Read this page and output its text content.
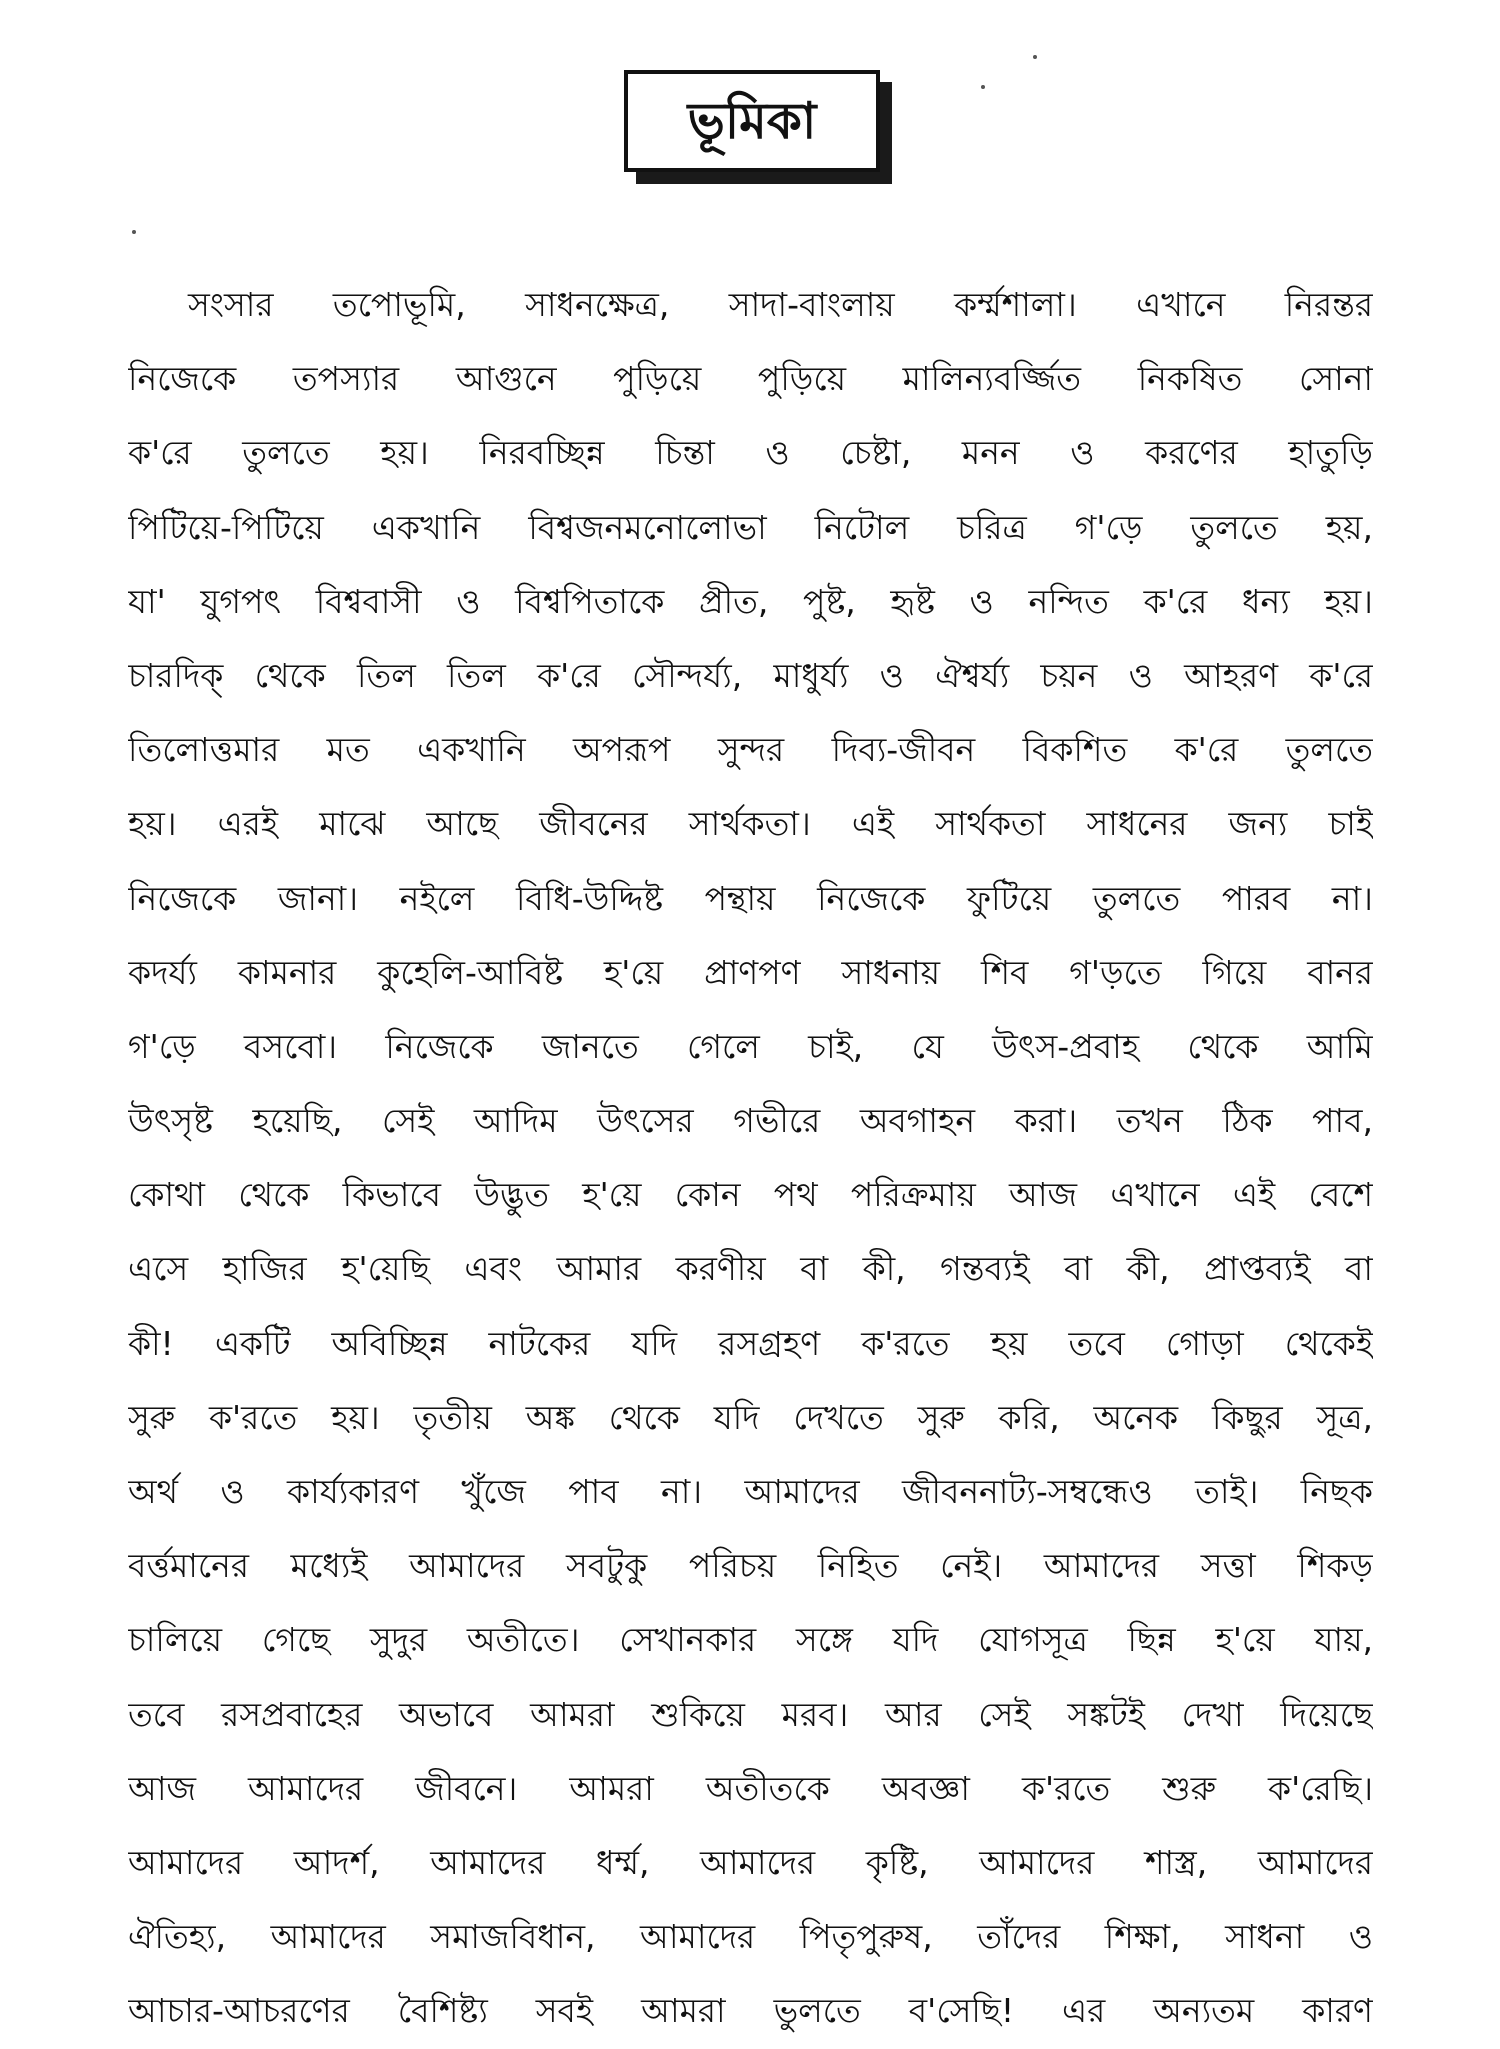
ভূমিকা
সংসার তপোভূমি, সাধনক্ষেত্র, সাদা-বাংলায় কর্ম্মশালা। এখানে নিরন্তর
নিজেকে তপস্যার আগুনে পুড়িয়ে পুড়িয়ে মালিন্যবর্জ্জিত নিকষিত সোনা
ক'রে তুলতে হয়। নিরবচ্ছিন্ন চিন্তা ও চেষ্টা, মনন ও করণের হাতুড়ি
পিটিয়ে-পিটিয়ে একখানি বিশ্বজনমনোলোভা নিটোল চরিত্র গ'ড়ে তুলতে হয়,
যা' যুগপৎ বিশ্ববাসী ও বিশ্বপিতাকে প্রীত, পুষ্ট, হৃষ্ট ও নন্দিত ক'রে ধন্য হয়।
চারদিক্ থেকে তিল তিল ক'রে সৌন্দর্য্য, মাধুর্য্য ও ঐশ্বর্য্য চয়ন ও আহরণ ক'রে
তিলোত্তমার মত একখানি অপরূপ সুন্দর দিব্য-জীবন বিকশিত ক'রে তুলতে
হয়। এরই মাঝে আছে জীবনের সার্থকতা। এই সার্থকতা সাধনের জন্য চাই
নিজেকে জানা। নইলে বিধি-উদ্দিষ্ট পন্থায় নিজেকে ফুটিয়ে তুলতে পারব না।
কদর্য্য কামনার কুহেলি-আবিষ্ট হ'য়ে প্রাণপণ সাধনায় শিব গ'ড়তে গিয়ে বানর
গ'ড়ে বসবো। নিজেকে জানতে গেলে চাই, যে উৎস-প্রবাহ থেকে আমি
উৎসৃষ্ট হয়েছি, সেই আদিম উৎসের গভীরে অবগাহন করা। তখন ঠিক পাব,
কোথা থেকে কিভাবে উদ্ভুত হ'য়ে কোন পথ পরিক্রমায় আজ এখানে এই বেশে
এসে হাজির হ'য়েছি এবং আমার করণীয় বা কী, গন্তব্যই বা কী, প্রাপ্তব্যই বা
কী! একটি অবিচ্ছিন্ন নাটকের যদি রসগ্রহণ ক'রতে হয় তবে গোড়া থেকেই
সুরু ক'রতে হয়। তৃতীয় অঙ্ক থেকে যদি দেখতে সুরু করি, অনেক কিছুর সূত্র,
অর্থ ও কার্য্যকারণ খুঁজে পাব না। আমাদের জীবননাট্য-সম্বন্ধেও তাই। নিছক
বর্ত্তমানের মধ্যেই আমাদের সবটুকু পরিচয় নিহিত নেই। আমাদের সত্তা শিকড়
চালিয়ে গেছে সুদুর অতীতে। সেখানকার সঙ্গে যদি যোগসূত্র ছিন্ন হ'য়ে যায়,
তবে রসপ্রবাহের অভাবে আমরা শুকিয়ে মরব। আর সেই সঙ্কটই দেখা দিয়েছে
আজ আমাদের জীবনে। আমরা অতীতকে অবজ্ঞা ক'রতে শুরু ক'রেছি।
আমাদের আদর্শ, আমাদের ধর্ম্ম, আমাদের কৃষ্টি, আমাদের শাস্ত্র, আমাদের
ঐতিহ্য, আমাদের সমাজবিধান, আমাদের পিতৃপুরুষ, তাঁদের শিক্ষা, সাধনা ও
আচার-আচরণের বৈশিষ্ট্য সবই আমরা ভুলতে ব'সেছি! এর অন্যতম কারণ
